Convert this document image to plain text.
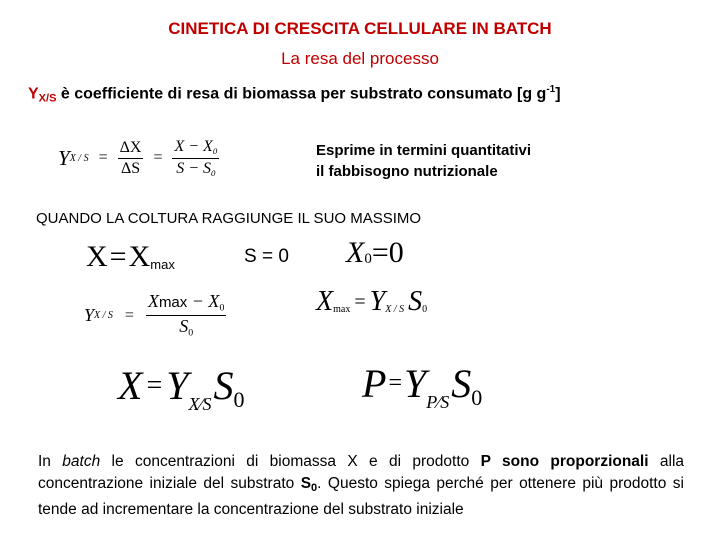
CINETICA DI CRESCITA CELLULARE IN BATCH
La resa del processo
YX/S è coefficiente di resa di biomassa per substrato consumato [g $g^{-1}$]
Y $X / S = \frac{\Delta X}{\Delta S} = \frac{X - X_0}{S - S_0}$	Esprime in termini quantitativi
il fabbisogno nutrizionale
QUANDO LA COLTURA RAGGIUNGE IL SUO MASSIMO
X = X max	S = 0 X 0 =0
Y $X / S = \frac{Xmax - X_0}{S_0}$	X max = Y X / S S 0
X = Y X⁄S S 0	P = Y P⁄S S 0
In batch le concentrazioni di biomassa X e di prodotto P sono proporzionali alla concentrazione iniziale del substrato S0. Questo spiega perché per ottenere più prodotto si tende ad incrementare la concentrazione del substrato iniziale
